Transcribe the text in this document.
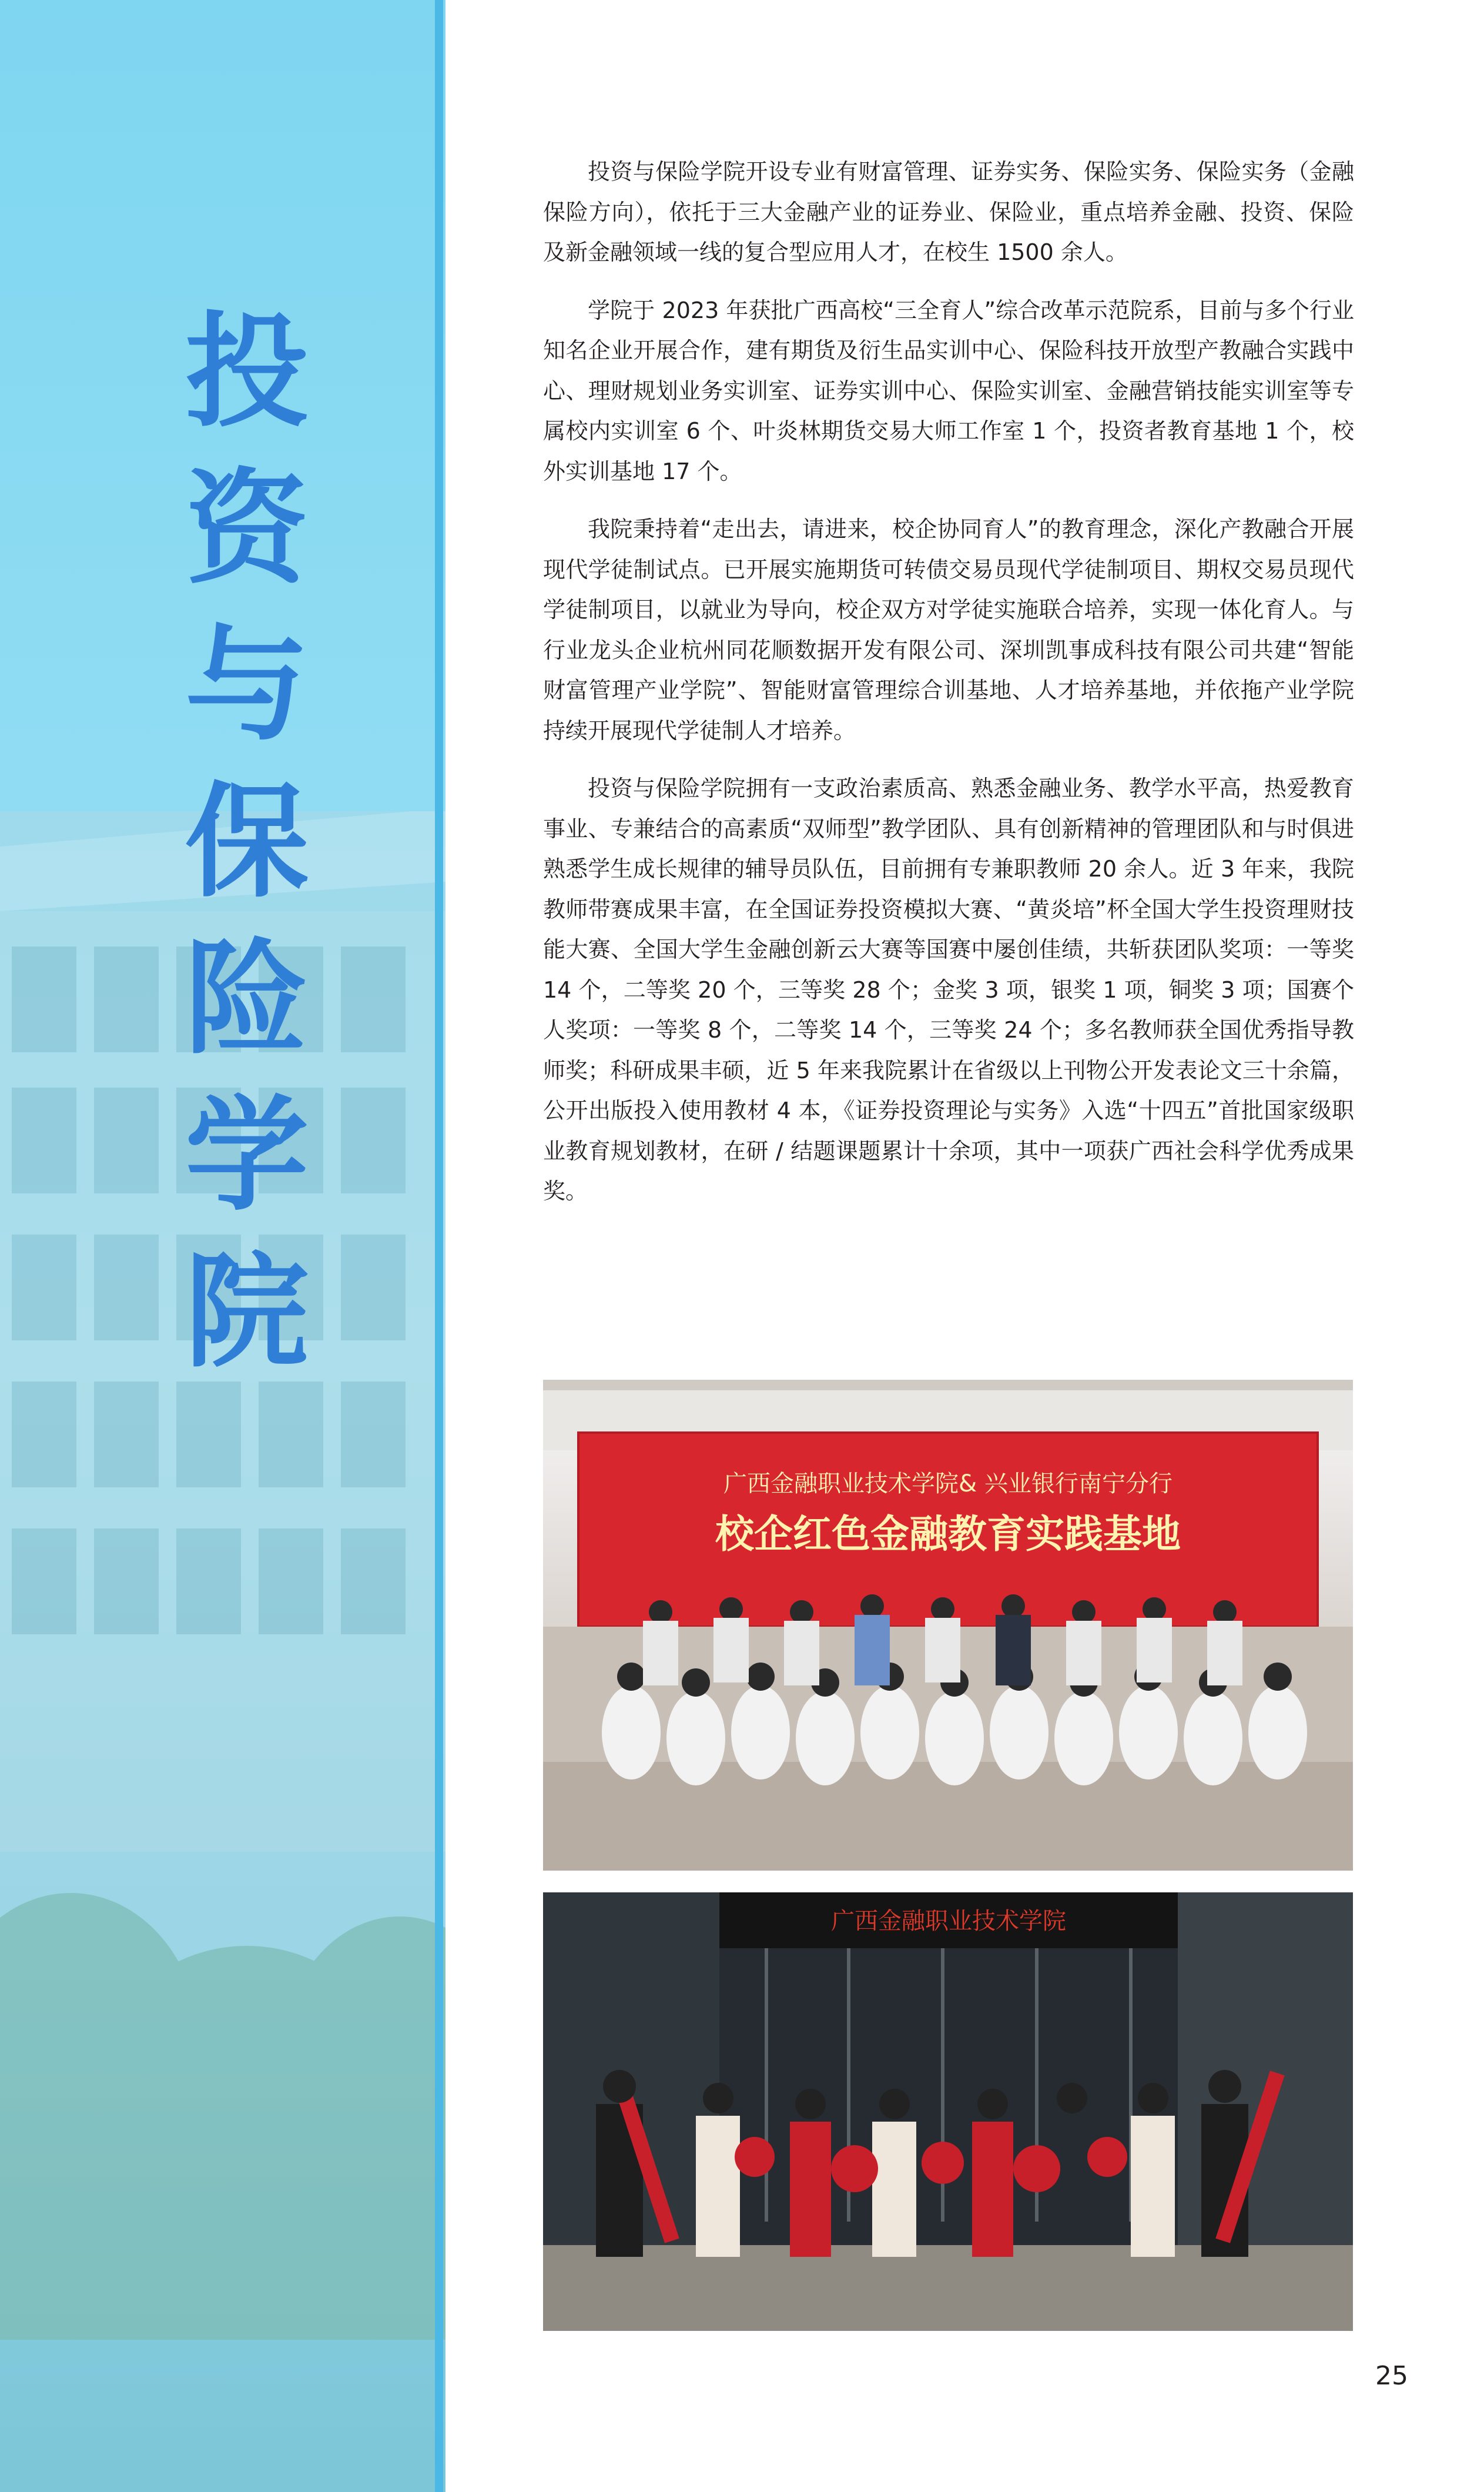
投资与保险学院

投资与保险学院开设专业有财富管理、证券实务、保险实务、保险实务（金融保险方向），依托于三大金融产业的证券业、保险业，重点培养金融、投资、保险及新金融领域一线的复合型应用人才，在校生 1500 余人。

学院于 2023 年获批广西高校“三全育人”综合改革示范院系，目前与多个行业知名企业开展合作，建有期货及衍生品实训中心、保险科技开放型产教融合实践中心、理财规划业务实训室、证券实训中心、保险实训室、金融营销技能实训室等专属校内实训室 6 个、叶炎林期货交易大师工作室 1 个，投资者教育基地 1 个，校外实训基地 17 个。

我院秉持着“走出去，请进来，校企协同育人”的教育理念，深化产教融合开展现代学徒制试点。已开展实施期货可转债交易员现代学徒制项目、期权交易员现代学徒制项目，以就业为导向，校企双方对学徒实施联合培养，实现一体化育人。与行业龙头企业杭州同花顺数据开发有限公司、深圳凯事成科技有限公司共建“智能财富管理产业学院”、智能财富管理综合训基地、人才培养基地，并依拖产业学院持续开展现代学徒制人才培养。

投资与保险学院拥有一支政治素质高、熟悉金融业务、教学水平高，热爱教育事业、专兼结合的高素质“双师型”教学团队、具有创新精神的管理团队和与时俱进熟悉学生成长规律的辅导员队伍，目前拥有专兼职教师 20 余人。近 3 年来，我院教师带赛成果丰富，在全国证券投资模拟大赛、“黄炎培”杯全国大学生投资理财技能大赛、全国大学生金融创新云大赛等国赛中屡创佳绩，共斩获团队奖项：一等奖 14 个，二等奖 20 个，三等奖 28 个；金奖 3 项，银奖 1 项，铜奖 3 项；国赛个人奖项：一等奖 8 个，二等奖 14 个，三等奖 24 个；多名教师获全国优秀指导教师奖；科研成果丰硕，近 5 年来我院累计在省级以上刊物公开发表论文三十余篇，公开出版投入使用教材 4 本，《证券投资理论与实务》入选“十四五”首批国家级职业教育规划教材，在研 / 结题课题累计十余项，其中一项获广西社会科学优秀成果奖。

广西金融职业技术学院& 兴业银行南宁分行
校企红色金融教育实践基地
广西金融职业技术学院
25
